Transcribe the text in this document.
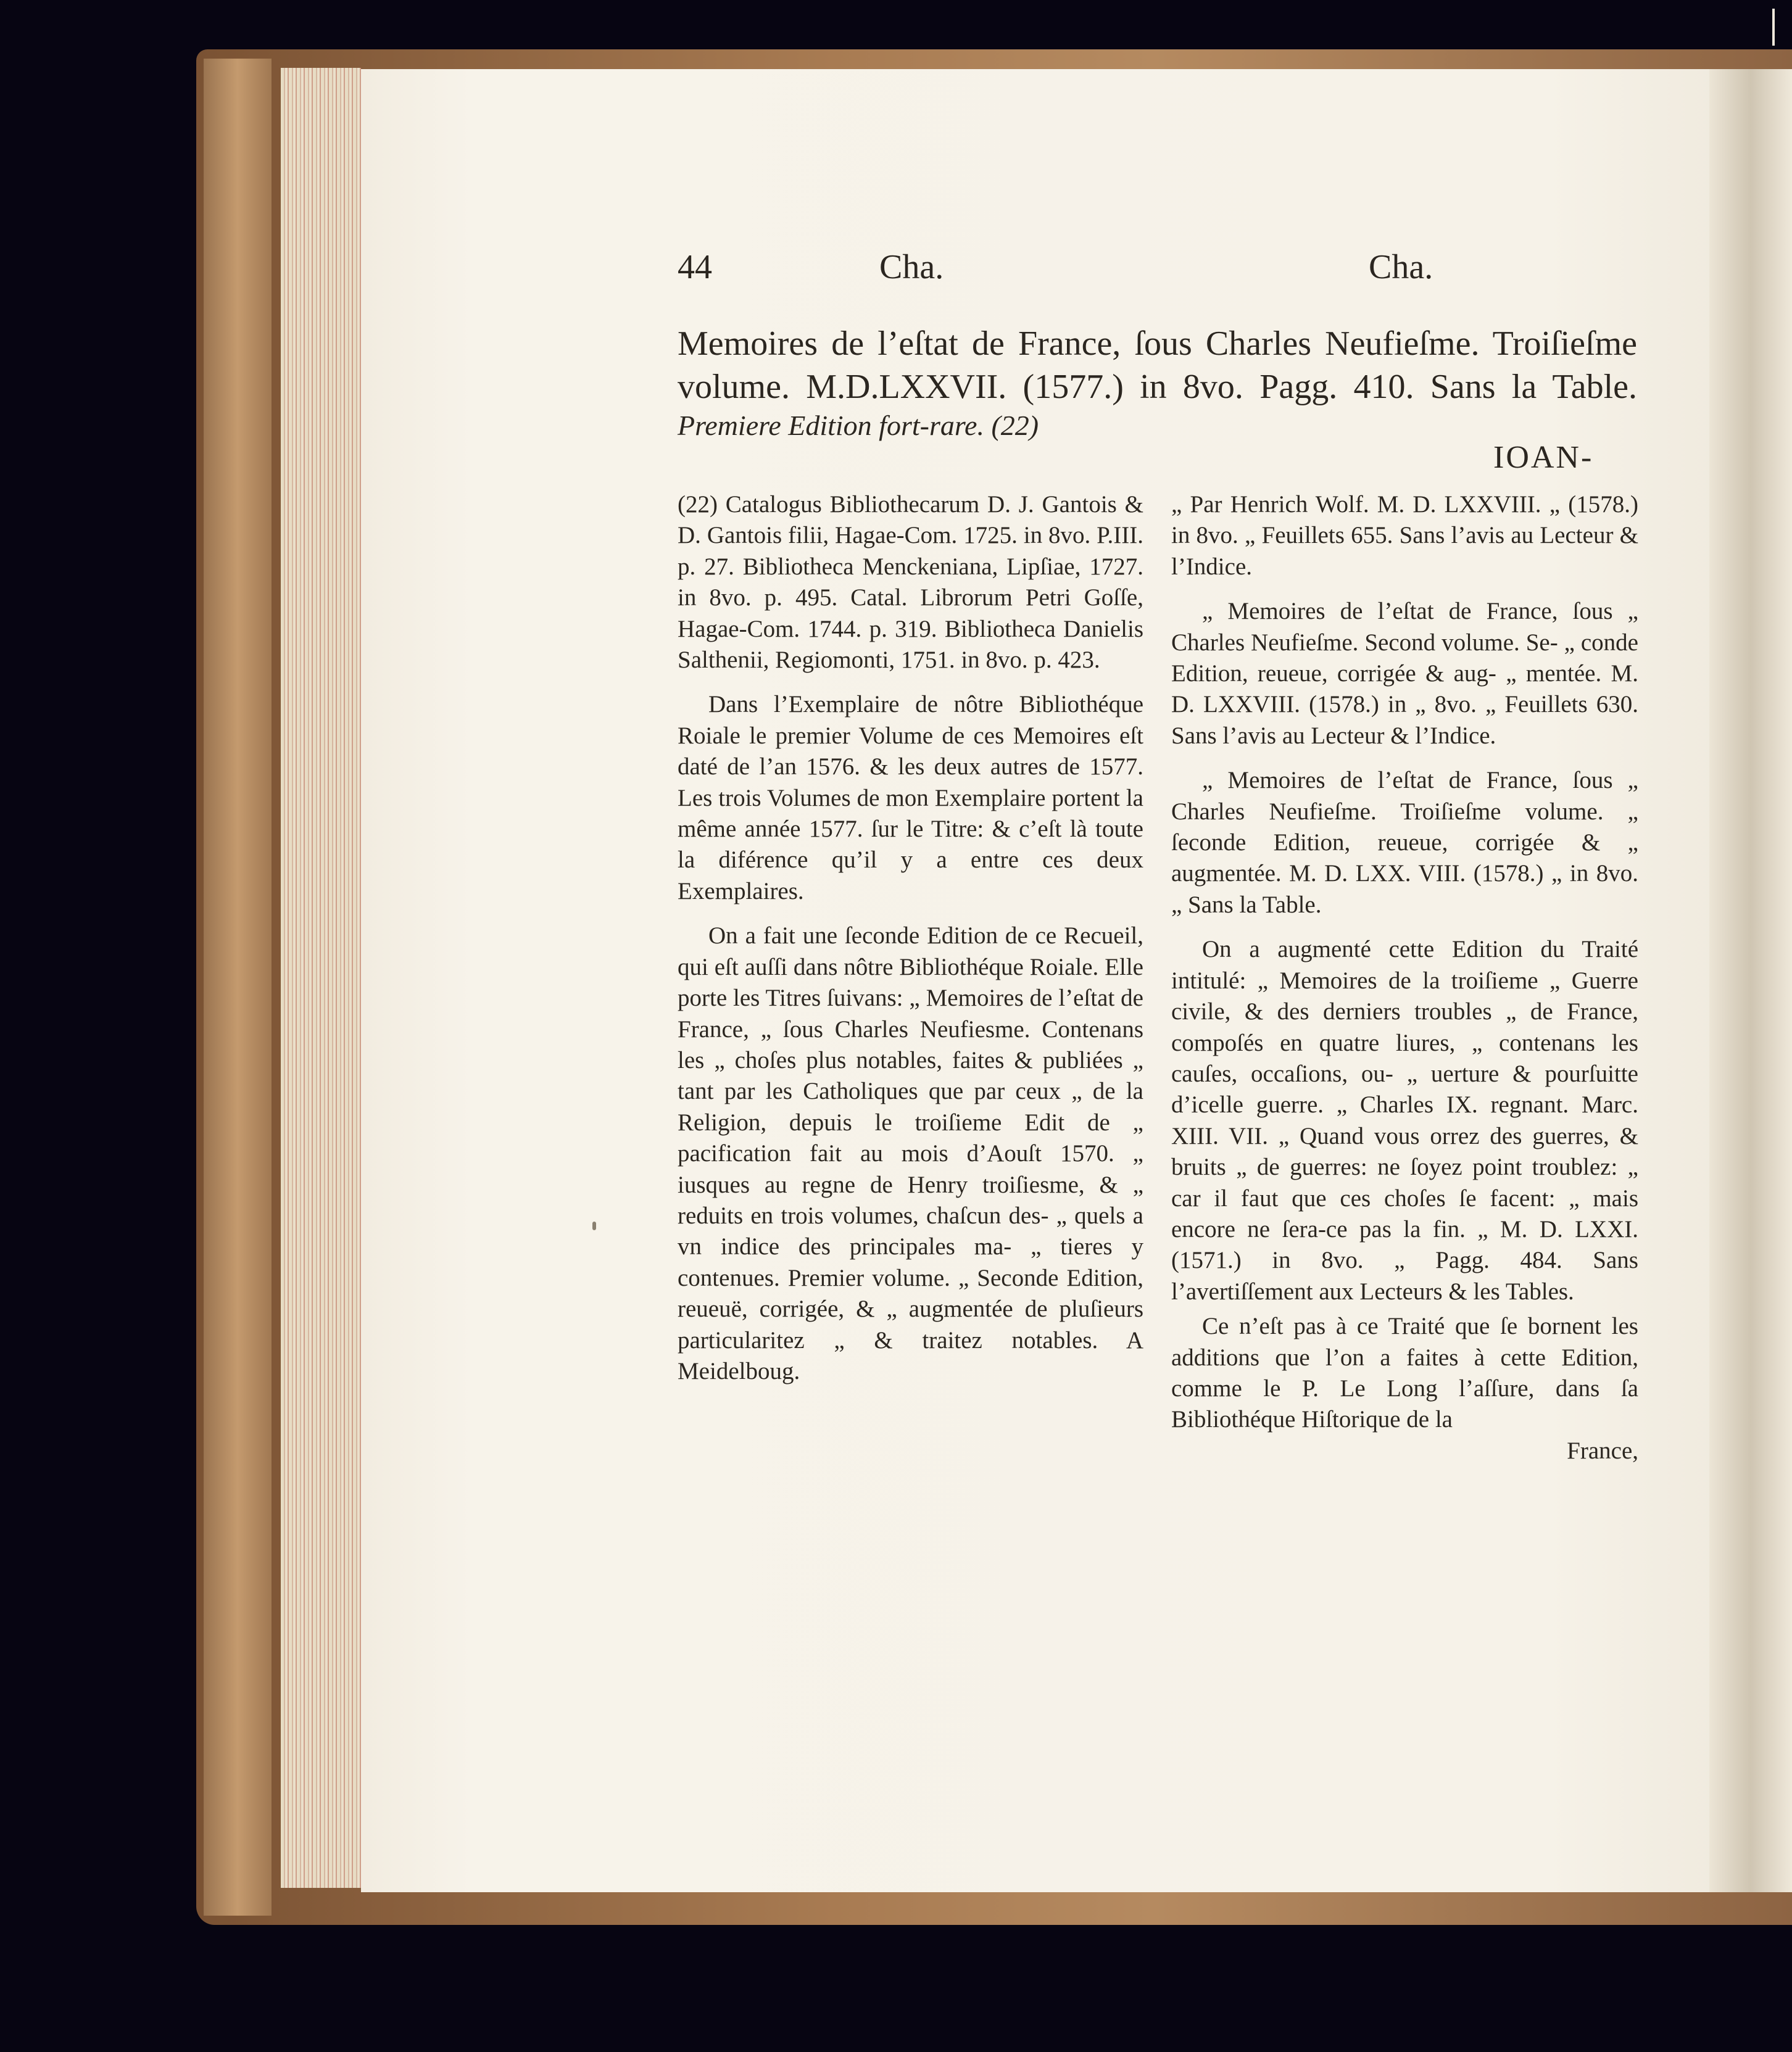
44	Cha.	Cha.
Memoires de l’eſtat de France, ſous Charles Neufieſme. Troiſieſme
volume. M.D.LXXVII. (1577.) in 8vo. Pagg. 410. Sans la Table.
Premiere Edition fort-rare. (22)
IOAN-

(22) Catalogus Bibliothecarum D. J. Gantois & D. Gantois filii, Hagae-Com. 1725. in 8vo. P.III. p. 27. Bibliotheca Menckeniana, Lipſiae, 1727. in 8vo. p. 495. Catal. Librorum Petri Goſſe, Hagae-Com. 1744. p. 319. Bibliotheca Danielis Salthenii, Regiomonti, 1751. in 8vo. p. 423.

Dans l’Exemplaire de nôtre Bibliothéque Roiale le premier Volume de ces Memoires eſt daté de l’an 1576. & les deux autres de 1577. Les trois Volumes de mon Exemplaire portent la même année 1577. ſur le Titre: & c’eſt là toute la diférence qu’il y a entre ces deux Exemplaires.

On a fait une ſeconde Edition de ce Recueil, qui eſt auſſi dans nôtre Bibliothéque Roiale. Elle porte les Titres ſuivans: „ Memoires de l’eſtat de France, „ ſous Charles Neufiesme. Contenans les „ choſes plus notables, faites & publiées „ tant par les Catholiques que par ceux „ de la Religion, depuis le troiſieme Edit de „ pacification fait au mois d’Aouſt 1570. „ iusques au regne de Henry troiſiesme, & „ reduits en trois volumes, chaſcun des- „ quels a vn indice des principales ma- „ tieres y contenues. Premier volume. „ Seconde Edition, reueuë, corrigée, & „ augmentée de pluſieurs particularitez „ & traitez notables. A Meidelboug.

„ Par Henrich Wolf. M. D. LXXVIII. „ (1578.) in 8vo. „ Feuillets 655. Sans l’avis au Lecteur & l’Indice.

„ Memoires de l’eſtat de France, ſous „ Charles Neufieſme. Second volume. Se- „ conde Edition, reueue, corrigée & aug- „ mentée. M. D. LXXVIII. (1578.) in „ 8vo. „ Feuillets 630. Sans l’avis au Lecteur & l’Indice.

„ Memoires de l’eſtat de France, ſous „ Charles Neufieſme. Troiſieſme volume. „ ſeconde Edition, reueue, corrigée & „ augmentée. M. D. LXX. VIII. (1578.) „ in 8vo. „ Sans la Table.

On a augmenté cette Edition du Traité intitulé: „ Memoires de la troiſieme „ Guerre civile, & des derniers troubles „ de France, compoſés en quatre liures, „ contenans les cauſes, occaſions, ou- „ uerture & pourſuitte d’icelle guerre. „ Charles IX. regnant. Marc. XIII. VII. „ Quand vous orrez des guerres, & bruits „ de guerres: ne ſoyez point troublez: „ car il faut que ces choſes ſe facent: „ mais encore ne ſera-ce pas la fin. „ M. D. LXXI. (1571.) in 8vo. „ Pagg. 484. Sans l’avertiſſement aux Lecteurs & les Tables.

Ce n’eſt pas à ce Traité que ſe bornent les additions que l’on a faites à cette Edition, comme le P. Le Long l’aſſure, dans ſa Bibliothéque Hiſtorique de la

France,
